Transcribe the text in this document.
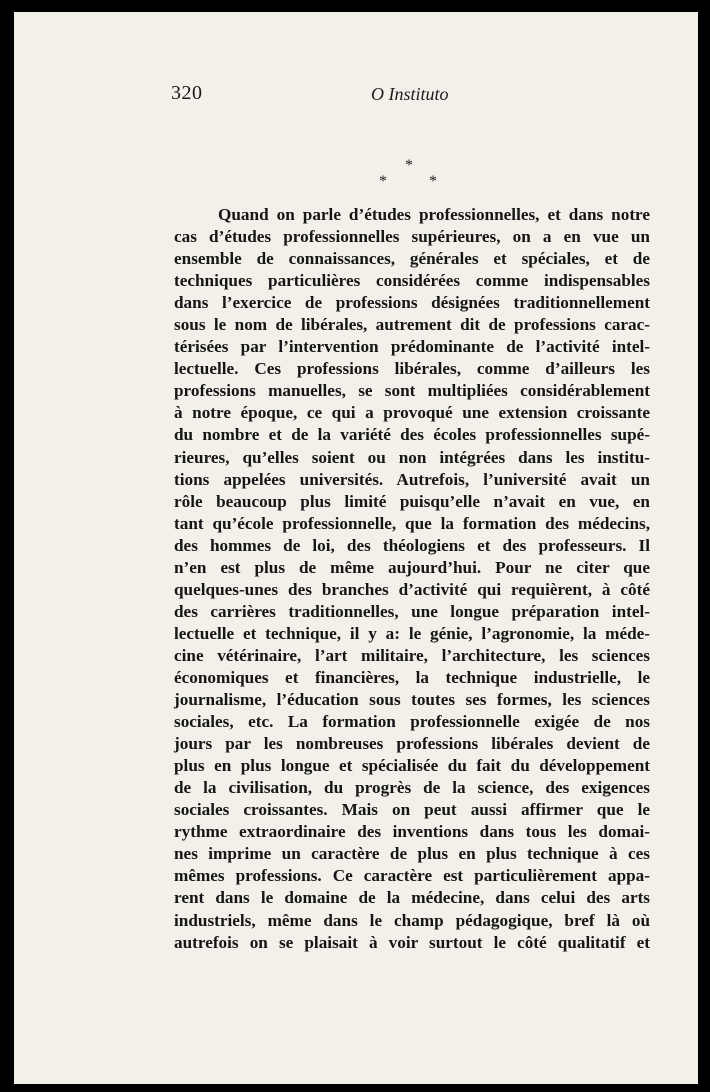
320	O Instituto
*
*	*
Quand on parle d’études professionnelles, et dans notre
cas d’études professionnelles supérieures, on a en vue un
ensemble de connaissances, générales et spéciales, et de
techniques particulières considérées comme indispensables
dans l’exercice de professions désignées traditionnellement
sous le nom de libérales, autrement dit de professions carac-
térisées par l’intervention prédominante de l’activité intel-
lectuelle. Ces professions libérales, comme d’ailleurs les
professions manuelles, se sont multipliées considérablement
à notre époque, ce qui a provoqué une extension croissante
du nombre et de la variété des écoles professionnelles supé-
rieures, qu’elles soient ou non intégrées dans les institu-
tions appelées universités. Autrefois, l’université avait un
rôle beaucoup plus limité puisqu’elle n’avait en vue, en
tant qu’école professionnelle, que la formation des médecins,
des hommes de loi, des théologiens et des professeurs. Il
n’en est plus de même aujourd’hui. Pour ne citer que
quelques-unes des branches d’activité qui requièrent, à côté
des carrières traditionnelles, une longue préparation intel-
lectuelle et technique, il y a: le génie, l’agronomie, la méde-
cine vétérinaire, l’art militaire, l’architecture, les sciences
économiques et financières, la technique industrielle, le
journalisme, l’éducation sous toutes ses formes, les sciences
sociales, etc. La formation professionnelle exigée de nos
jours par les nombreuses professions libérales devient de
plus en plus longue et spécialisée du fait du développement
de la civilisation, du progrès de la science, des exigences
sociales croissantes. Mais on peut aussi affirmer que le
rythme extraordinaire des inventions dans tous les domai-
nes imprime un caractère de plus en plus technique à ces
mêmes professions. Ce caractère est particulièrement appa-
rent dans le domaine de la médecine, dans celui des arts
industriels, même dans le champ pédagogique, bref là où
autrefois on se plaisait à voir surtout le côté qualitatif et
